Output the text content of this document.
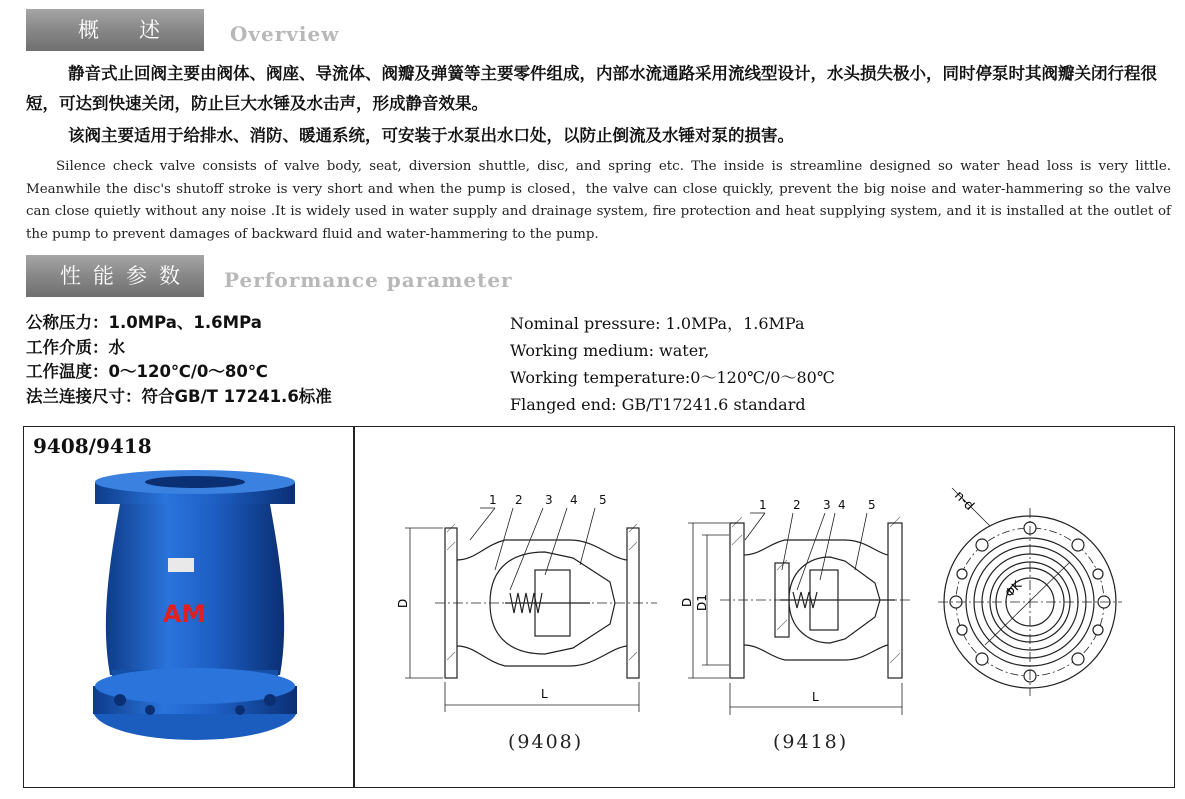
概述 Overview
静音式止回阀主要由阀体、阀座、导流体、阀瓣及弹簧等主要零件组成，内部水流通路采用流线型设计，水头损失极小，同时停泵时其阀瓣关闭行程很短，可达到快速关闭，防止巨大水锤及水击声，形成静音效果。
该阀主要适用于给排水、消防、暖通系统，可安装于水泵出水口处，以防止倒流及水锤对泵的损害。
Silence check valve consists of valve body, seat, diversion shuttle, disc, and spring etc. The inside is streamline designed so water head loss is very little. Meanwhile the disc's shutoff stroke is very short and when the pump is closed，the valve can close quickly, prevent the big noise and water-hammering so the valve can close quietly without any noise .It is widely used in water supply and drainage system, fire protection and heat supplying system, and it is installed at the outlet of the pump to prevent damages of backward fluid and water-hammering to the pump.
性能参数	Performance parameter
公称压力：1.0MPa、1.6MPa
工作介质：水
工作温度：0～120℃/0～80℃
法兰连接尺寸：符合GB/T 17241.6标准
Nominal pressure: 1.0MPa，1.6MPa
Working medium: water,
Working temperature:0～120℃/0～80℃
Flanged end: GB/T17241.6 standard
9408/9418
AM	D
L
1 2 3 4 5
(9408)
D D1
L
1 2 3 4 5
(9418)
n-d
ΦK
